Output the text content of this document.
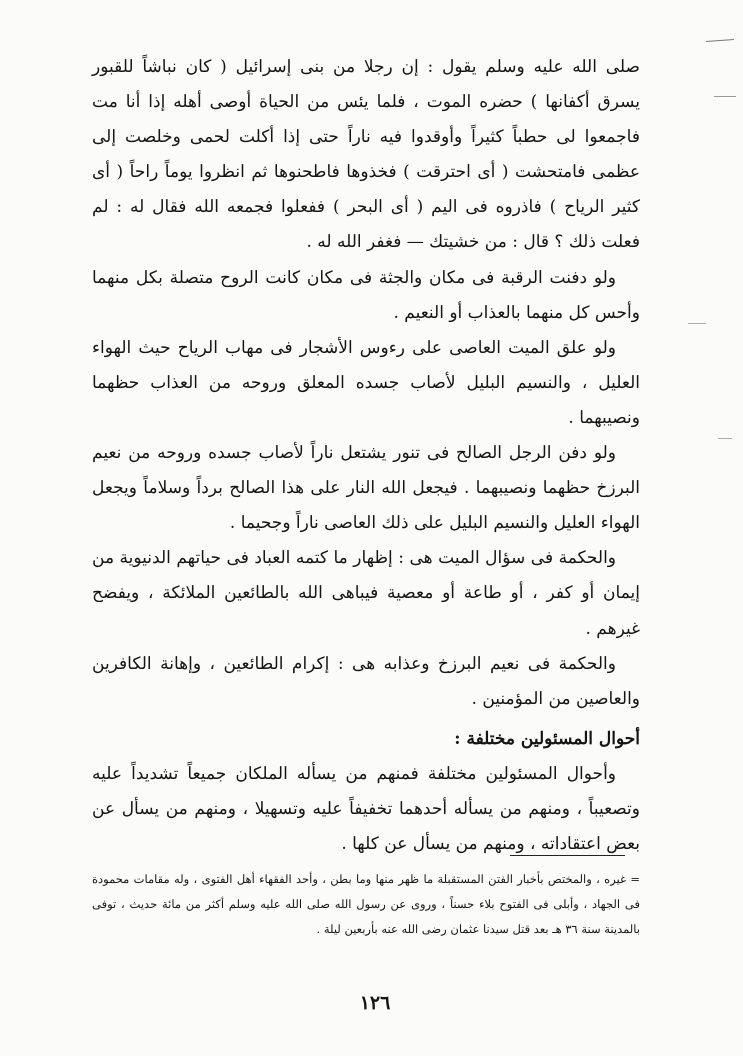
صلى الله عليه وسلم يقول : إن رجلا من بنى إسرائيل ( كان نباشاً للقبور يسرق أكفانها ) حضره الموت ، فلما يئس من الحياة أوصى أهله إذا أنا مت فاجمعوا لى حطباً كثيراً وأوقدوا فيه ناراً حتى إذا أكلت لحمى وخلصت إلى عظمى فامتحشت ( أى احترقت ) فخذوها فاطحنوها ثم انظروا يوماً راحاً ( أى كثير الرياح ) فاذروه فى اليم ( أى البحر ) ففعلوا فجمعه الله فقال له : لم فعلت ذلك ؟ قال : من خشيتك — فغفر الله له .

ولو دفنت الرقبة فى مكان والجثة فى مكان كانت الروح متصلة بكل منهما وأحس كل منهما بالعذاب أو النعيم .

ولو علق الميت العاصى على رءوس الأشجار فى مهاب الرياح حيث الهواء العليل ، والنسيم البليل لأصاب جسده المعلق وروحه من العذاب حظهما ونصيبهما .

ولو دفن الرجل الصالح فى تنور يشتعل ناراً لأصاب جسده وروحه من نعيم البرزخ حظهما ونصيبهما . فيجعل الله النار على هذا الصالح برداً وسلاماً ويجعل الهواء العليل والنسيم البليل على ذلك العاصى ناراً وجحيما .

والحكمة فى سؤال الميت هى : إظهار ما كتمه العباد فى حياتهم الدنيوية من إيمان أو كفر ، أو طاعة أو معصية فيباهى الله بالطائعين الملائكة ، ويفضح غيرهم .

والحكمة فى نعيم البرزخ وعذابه هى : إكرام الطائعين ، وإهانة الكافرين والعاصين من المؤمنين .

أحوال المسئولين مختلفة :

وأحوال المسئولين مختلفة فمنهم من يسأله الملكان جميعاً تشديداً عليه وتصعيباً ، ومنهم من يسأله أحدهما تخفيفاً عليه وتسهيلا ، ومنهم من يسأل عن بعض اعتقاداته ، ومنهم من يسأل عن كلها .

= غيره ، والمختص بأخبار الفتن المستقبلة ما ظهر منها وما بطن ، وأحد الفقهاء أهل الفتوى ، وله مقامات محمودة فى الجهاد ، وأبلى فى الفتوح بلاء حسناً ، وروى عن رسول الله صلى الله عليه وسلم أكثر من مائة حديث ، توفى بالمدينة سنة ٣٦ هـ بعد قتل سيدنا عثمان رضى الله عنه بأربعين ليلة .

١٢٦
